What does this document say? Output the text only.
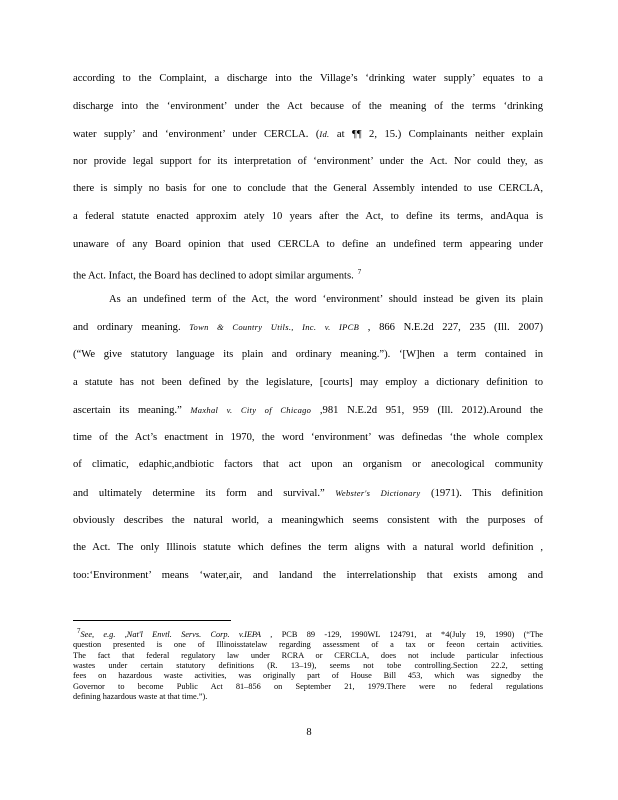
according to the Complaint, a discharge into the Village’s ‘drinking water supply’ equates to a
discharge into the ‘environment’ under the Act because of the meaning of the terms ‘drinking
water supply’ and ‘environment’ under CERCLA. (Id. at ¶¶ 2, 15.) Complainants neither explain
nor provide legal support for its interpretation of ‘environment’ under the Act. Nor could they, as
there is simply no basis for one to conclude that the General Assembly intended to use CERCLA,
a federal statute enacted approxim ately 10 years after the Act, to define its terms, andAqua is
unaware of any Board opinion that used CERCLA to define an undefined term appearing under
the Act. Infact, the Board has declined to adopt similar arguments. $^7$
As an undefined term of the Act, the word ‘environment’ should instead be given its plain
and ordinary meaning. Town & Country Utils., Inc. v. IPCB , 866 N.E.2d 227, 235 (Ill. 2007)
(“We give statutory language its plain and ordinary meaning.”). ‘[W]hen a term contained in
a statute has not been defined by the legislature, [courts] may employ a dictionary definition to
ascertain its meaning.” Maxhal v. City of Chicago ,981 N.E.2d 951, 959 (Ill. 2012).Around the
time of the Act’s enactment in 1970, the word ‘environment’ was definedas ‘the whole complex
of climatic, edaphic,andbiotic factors that act upon an organism or anecological community
and ultimately determine its form and survival.” Webster's Dictionary (1971). This definition
obviously describes the natural world, a meaningwhich seems consistent with the purposes of
the Act. The only Illinois statute which defines the term aligns with a natural world definition ,
too:‘Environment’ means ‘water,air, and landand the interrelationship that exists among and
$^7$See, e.g. ,Nat'l Envtl. Servs. Corp. v.IEPA , PCB 89 -129, 1990WL 124791, at *4(July 19, 1990) (“The
question presented is one of Illinoisstatelaw regarding assessment of a tax or feeon certain activities.
The fact that federal regulatory law under RCRA or CERCLA, does not include particular infectious
wastes under certain statutory definitions (R. 13–19), seems not tobe controlling.Section 22.2, setting
fees on hazardous waste activities, was originally part of House Bill 453, which was signedby the
Governor to become Public Act 81–856 on September 21, 1979.There were no federal regulations
defining hazardous waste at that time.”).
8
